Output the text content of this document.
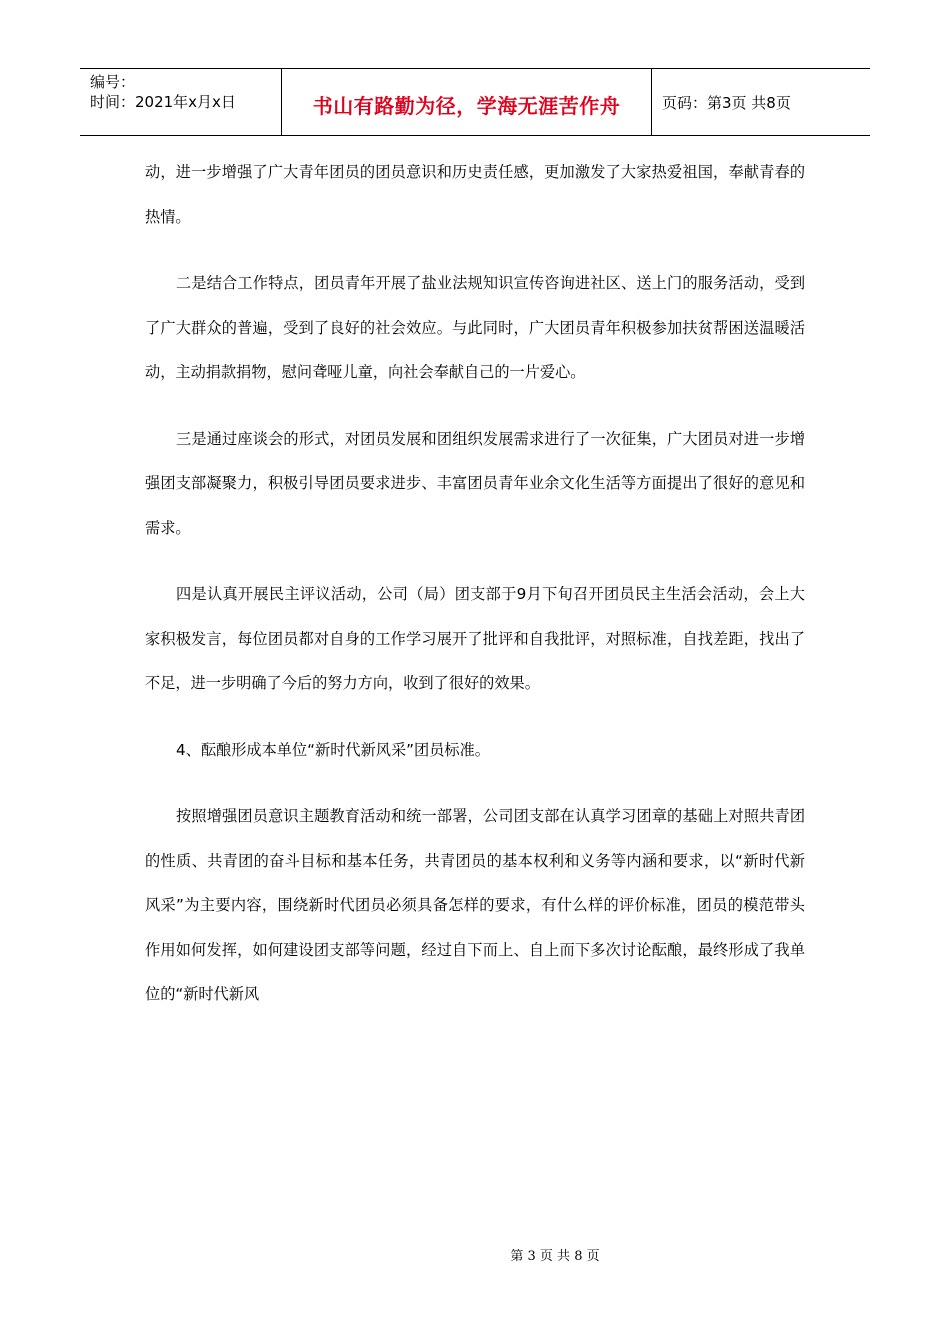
编号：
时间：2021年x月x日	书山有路勤为径，学海无涯苦作舟	页码：第3页 共8页

动，进一步增强了广大青年团员的团员意识和历史责任感，更加激发了大家热爱祖国，奉献青春的热情。

二是结合工作特点，团员青年开展了盐业法规知识宣传咨询进社区、送上门的服务活动，受到了广大群众的普遍，受到了良好的社会效应。与此同时，广大团员青年积极参加扶贫帮困送温暖活动，主动捐款捐物，慰问聋哑儿童，向社会奉献自己的一片爱心。

三是通过座谈会的形式，对团员发展和团组织发展需求进行了一次征集，广大团员对进一步增强团支部凝聚力，积极引导团员要求进步、丰富团员青年业余文化生活等方面提出了很好的意见和需求。

四是认真开展民主评议活动，公司（局）团支部于9月下旬召开团员民主生活会活动，会上大家积极发言，每位团员都对自身的工作学习展开了批评和自我批评，对照标准，自找差距，找出了不足，进一步明确了今后的努力方向，收到了很好的效果。

4、酝酿形成本单位“新时代新风采”团员标准。

按照增强团员意识主题教育活动和统一部署，公司团支部在认真学习团章的基础上对照共青团的性质、共青团的奋斗目标和基本任务，共青团员的基本权利和义务等内涵和要求，以“新时代新风采”为主要内容，围绕新时代团员必须具备怎样的要求，有什么样的评价标准，团员的模范带头作用如何发挥，如何建设团支部等问题，经过自下而上、自上而下多次讨论酝酿，最终形成了我单位的“新时代新风

第 3 页 共 8 页
